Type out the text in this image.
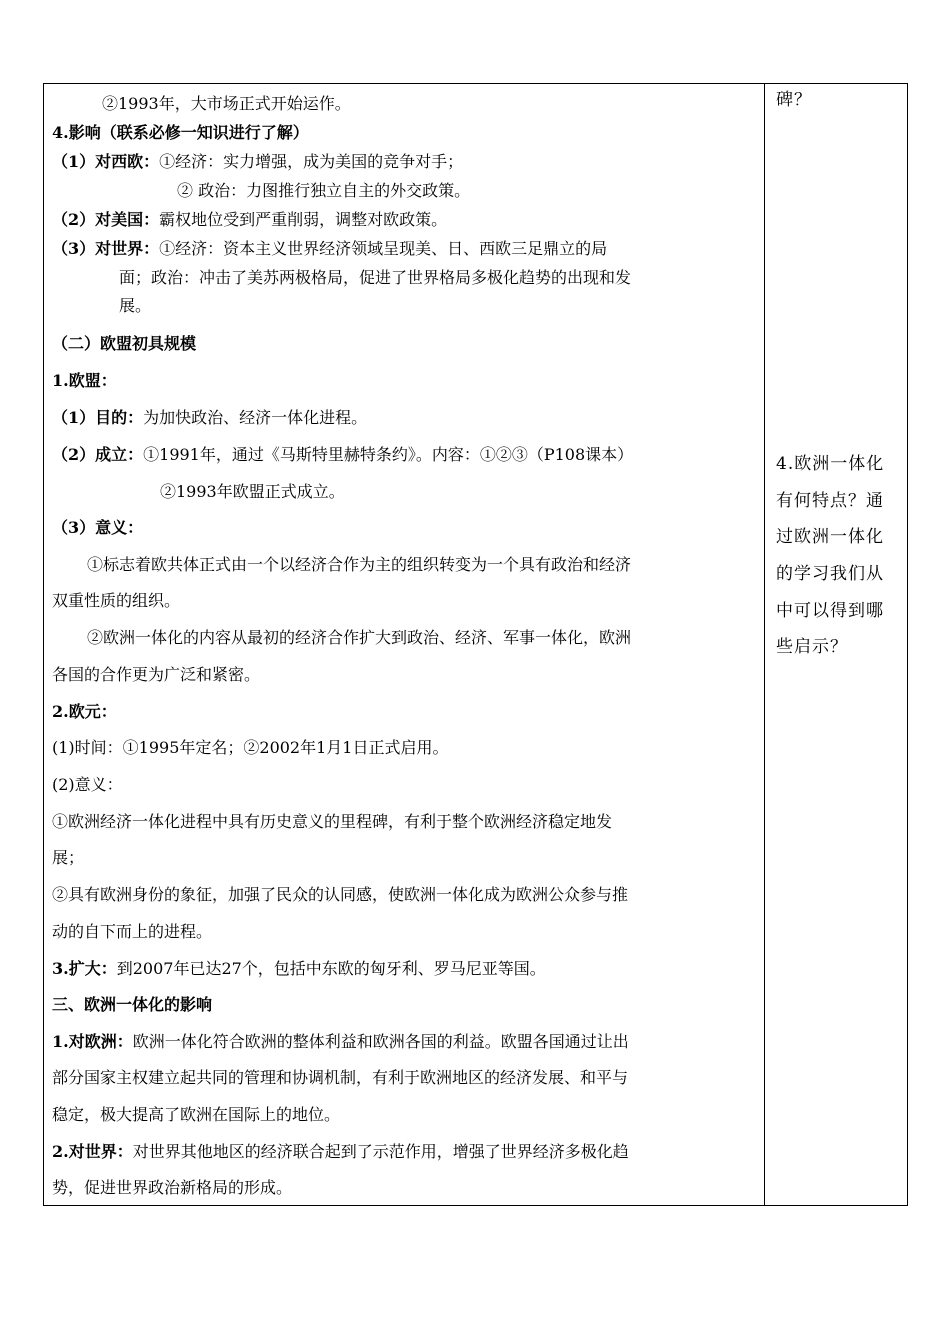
②1993年，大市场正式开始运作。
4.影响（联系必修一知识进行了解）
（1）对西欧：①经济：实力增强，成为美国的竞争对手；
② 政治：力图推行独立自主的外交政策。
（2）对美国：霸权地位受到严重削弱，调整对欧政策。
（3）对世界：①经济：资本主义世界经济领域呈现美、日、西欧三足鼎立的局
面；政治：冲击了美苏两极格局，促进了世界格局多极化趋势的出现和发
展。
（二）欧盟初具规模
1.欧盟：
（1）目的：为加快政治、经济一体化进程。
（2）成立：①1991年，通过《马斯特里赫特条约》。内容：①②③（P108课本）
②1993年欧盟正式成立。
（3）意义：
①标志着欧共体正式由一个以经济合作为主的组织转变为一个具有政治和经济
双重性质的组织。
②欧洲一体化的内容从最初的经济合作扩大到政治、经济、军事一体化，欧洲
各国的合作更为广泛和紧密。
2.欧元：
(1)时间：①1995年定名；②2002年1月1日正式启用。
(2)意义：
①欧洲经济一体化进程中具有历史意义的里程碑，有利于整个欧洲经济稳定地发
展；
②具有欧洲身份的象征，加强了民众的认同感，使欧洲一体化成为欧洲公众参与推
动的自下而上的进程。
3.扩大：到2007年已达27个，包括中东欧的匈牙利、罗马尼亚等国。
三、欧洲一体化的影响
1.对欧洲：欧洲一体化符合欧洲的整体利益和欧洲各国的利益。欧盟各国通过让出
部分国家主权建立起共同的管理和协调机制，有利于欧洲地区的经济发展、和平与
稳定，极大提高了欧洲在国际上的地位。
2.对世界：对世界其他地区的经济联合起到了示范作用，增强了世界经济多极化趋
势，促进世界政治新格局的形成。
碑？
4.欧洲一体化
有何特点？通
过欧洲一体化
的学习我们从
中可以得到哪
些启示？
